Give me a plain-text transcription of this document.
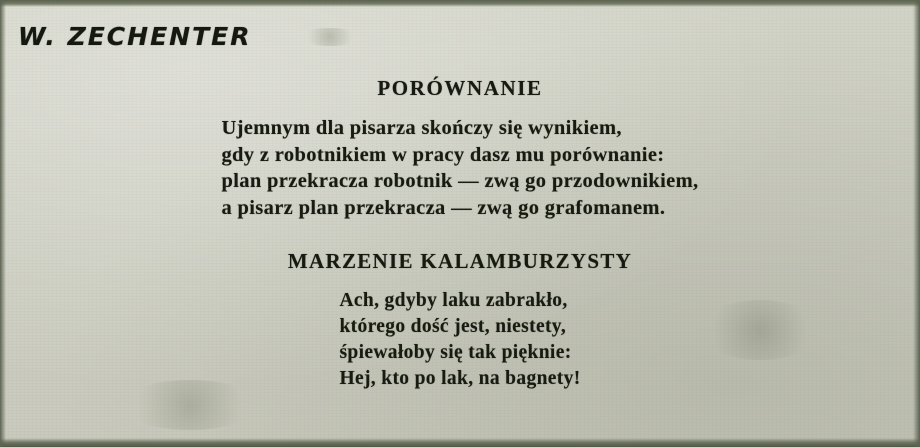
W. ZECHENTER
PORÓWNANIE
Ujemnym dla pisarza skończy się wynikiem,
gdy z robotnikiem w pracy dasz mu porównanie:
plan przekracza robotnik — zwą go przodownikiem,
a pisarz plan przekracza — zwą go grafomanem.
MARZENIE KALAMBURZYSTY
Ach, gdyby laku zabrakło,
którego dość jest, niestety,
śpiewałoby się tak pięknie:
Hej, kto po lak, na bagnety!
